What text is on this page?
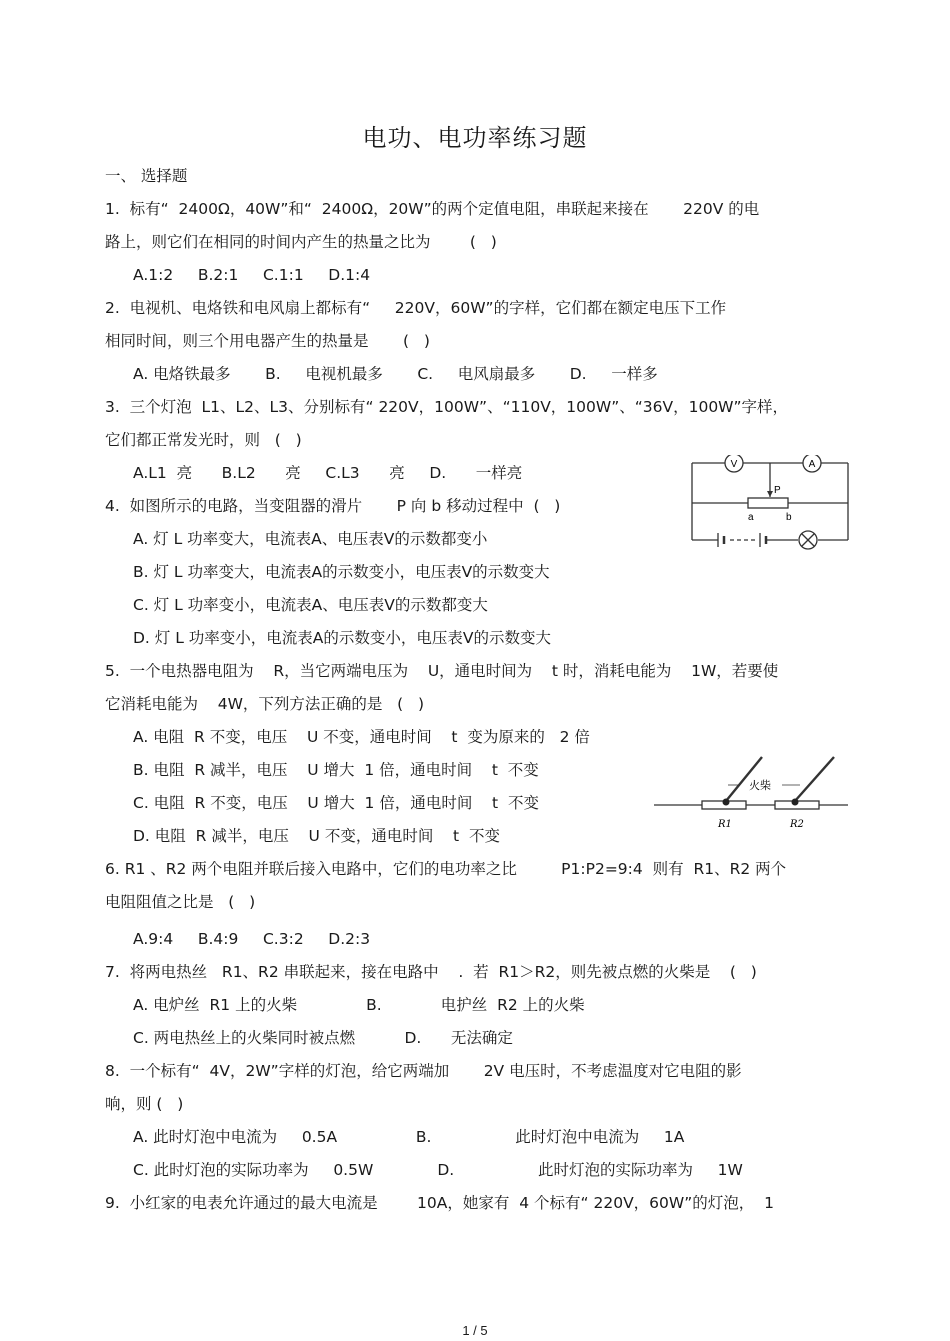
电功、电功率练习题
一、 选择题
1.  标有“  2400Ω，40W”和“  2400Ω，20W”的两个定值电阻，串联起来接在       220V 的电
路上，则它们在相同的时间内产生的热量之比为        (   )
A.1:2     B.2:1     C.1:1     D.1:4
2.  电视机、电烙铁和电风扇上都标有“     220V，60W”的字样，它们都在额定电压下工作
相同时间，则三个用电器产生的热量是       (   )
A. 电烙铁最多       B.     电视机最多       C.     电风扇最多       D.     一样多
3.  三个灯泡  L1、L2、L3、分别标有“ 220V，100W”、“110V，100W”、“36V，100W”字样，
它们都正常发光时，则   (   )
A.L1  亮      B.L2      亮     C.L3      亮     D.      一样亮
4.  如图所示的电路，当变阻器的滑片       P 向 b 移动过程中  (   )
A. 灯 L 功率变大，电流表A、电压表V的示数都变小
B. 灯 L 功率变大，电流表A的示数变小，电压表V的示数变大
C. 灯 L 功率变小，电流表A、电压表V的示数都变大
D. 灯 L 功率变小，电流表A的示数变小，电压表V的示数变大
5.  一个电热器电阻为    R，当它两端电压为    U，通电时间为    t 时，消耗电能为    1W，若要使
它消耗电能为    4W，下列方法正确的是   (   )
A. 电阻  R 不变，电压    U 不变，通电时间    t  变为原来的   2 倍
B. 电阻  R 减半，电压    U 增大  1 倍，通电时间    t  不变
C. 电阻  R 不变，电压    U 增大  1 倍，通电时间    t  不变
D. 电阻  R 减半，电压    U 不变，通电时间    t  不变
6. R1 、R2 两个电阻并联后接入电路中，它们的电功率之比         P1:P2=9:4  则有  R1、R2 两个
电阻阻值之比是   (   )
A.9:4     B.4:9     C.3:2     D.2:3
7.  将两电热丝   R1、R2 串联起来，接在电路中    .  若  R1＞R2，则先被点燃的火柴是    (   )
A. 电炉丝  R1 上的火柴              B.            电护丝  R2 上的火柴
C. 两电热丝上的火柴同时被点燃          D.      无法确定
8.  一个标有“  4V，2W”字样的灯泡，给它两端加       2V 电压时，不考虑温度对它电阻的影
响，则 (   )
A. 此时灯泡中电流为     0.5A                B.                 此时灯泡中电流为     1A
C. 此时灯泡的实际功率为     0.5W             D.                 此时灯泡的实际功率为     1W
9.  小红家的电表允许通过的最大电流是        10A，她家有  4 个标有“ 220V，60W”的灯泡，  1
V	A
P
a	b
火柴
R1	R2
1 / 5
